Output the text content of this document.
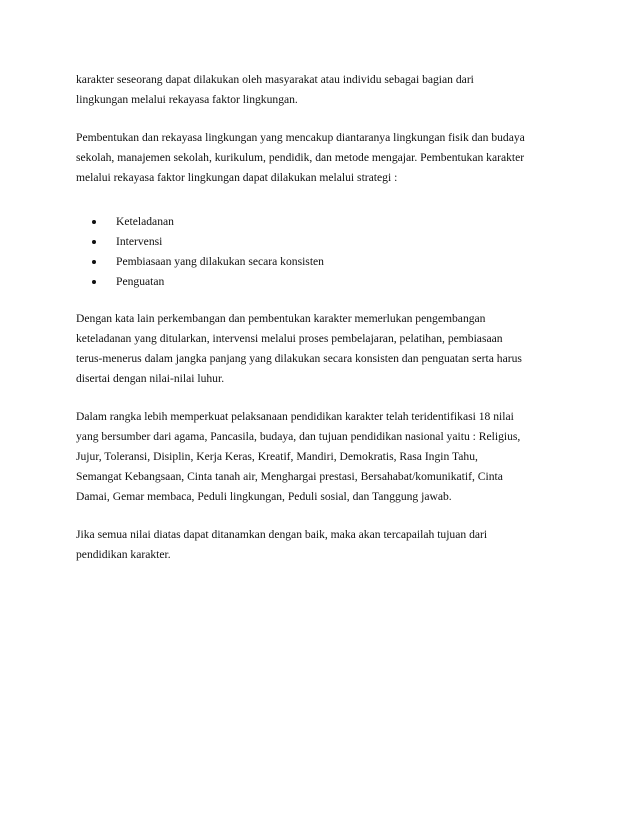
karakter seseorang dapat dilakukan oleh masyarakat atau individu sebagai bagian dari
lingkungan melalui rekayasa faktor lingkungan.

Pembentukan dan rekayasa lingkungan yang mencakup diantaranya lingkungan fisik dan budaya
sekolah, manajemen sekolah, kurikulum, pendidik, dan metode mengajar. Pembentukan karakter
melalui rekayasa faktor lingkungan dapat dilakukan melalui strategi :

Keteladanan
Intervensi
Pembiasaan yang dilakukan secara konsisten
Penguatan

Dengan kata lain perkembangan dan pembentukan karakter memerlukan pengembangan
keteladanan yang ditularkan, intervensi melalui proses pembelajaran, pelatihan, pembiasaan
terus-menerus dalam jangka panjang yang dilakukan secara konsisten dan penguatan serta harus
disertai dengan nilai-nilai luhur.

Dalam rangka lebih memperkuat pelaksanaan pendidikan karakter telah teridentifikasi 18 nilai
yang bersumber dari agama, Pancasila, budaya, dan tujuan pendidikan nasional yaitu : Religius,
Jujur, Toleransi, Disiplin, Kerja Keras, Kreatif, Mandiri, Demokratis, Rasa Ingin Tahu,
Semangat Kebangsaan, Cinta tanah air, Menghargai prestasi, Bersahabat/komunikatif, Cinta
Damai, Gemar membaca, Peduli lingkungan, Peduli sosial, dan Tanggung jawab.

Jika semua nilai diatas dapat ditanamkan dengan baik, maka akan tercapailah tujuan dari
pendidikan karakter.
